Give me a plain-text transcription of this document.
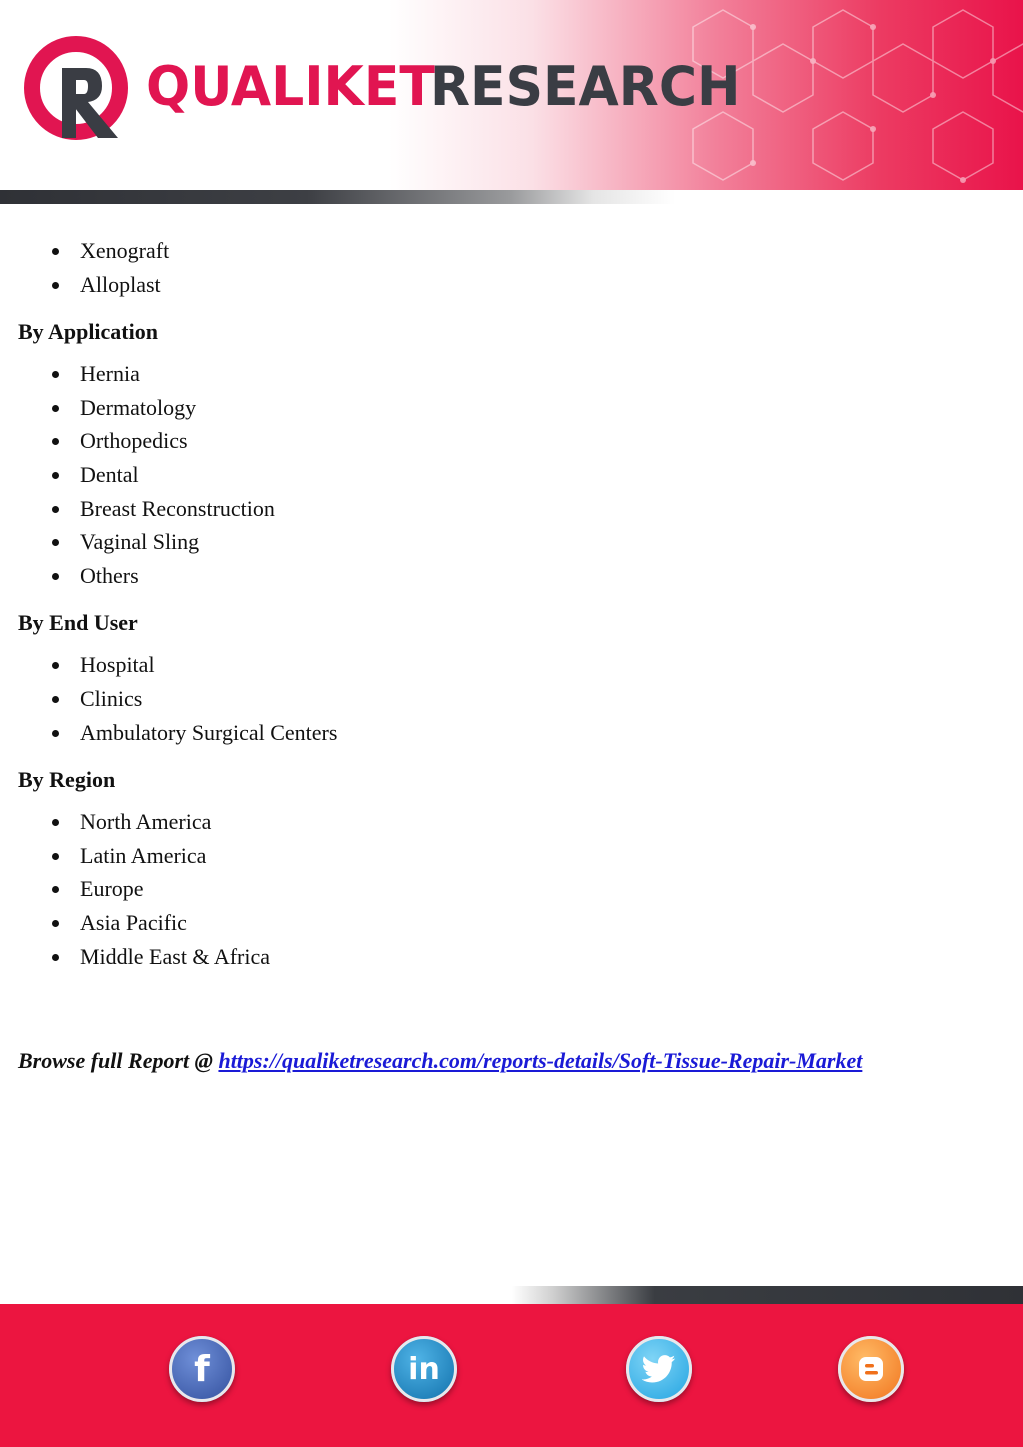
QUALIKET
RESEARCH
Xenograft
Alloplast
By Application
Hernia
Dermatology
Orthopedics
Dental
Breast Reconstruction
Vaginal Sling
Others
By End User
Hospital
Clinics
Ambulatory Surgical Centers
By Region
North America
Latin America
Europe
Asia Pacific
Middle East & Africa
Browse full Report @ https://qualiketresearch.com/reports-details/Soft-Tissue-Repair-Market
f	in
